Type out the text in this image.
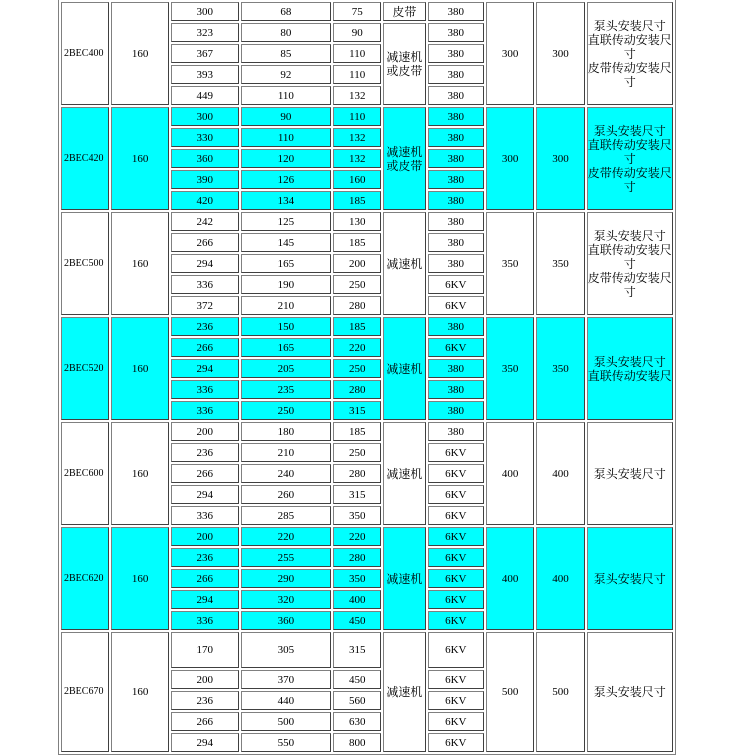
2BEC400	160	300	68	75	皮带	380	300	300	泵头安装尺寸
直联传动安装尺寸
皮带传动安装尺寸

		323	80	90	减速机或皮带	380			
		367	85	110		380			
		393	92	110		380			
		449	110	132		380			
2BEC420	160	300	90	110	减速机或皮带	380	300	300	泵头安装尺寸
直联传动安装尺寸
皮带传动安装尺寸

		330	110	132		380			
		360	120	132		380			
		390	126	160		380			
		420	134	185		380			
2BEC500	160	242	125	130	减速机	380	350	350	泵头安装尺寸
直联传动安装尺寸
皮带传动安装尺寸

		266	145	185		380			
		294	165	200		380			
		336	190	250		6KV			
		372	210	280		6KV			
2BEC520	160	236	150	185	减速机	380	350	350	泵头安装尺寸
直联传动安装尺

		266	165	220		6KV			
		294	205	250		380			
		336	235	280		380			
		336	250	315		380			
2BEC600	160	200	180	185	减速机	380	400	400	泵头安装尺寸

		236	210	250		6KV			
		266	240	280		6KV			
		294	260	315		6KV			
		336	285	350		6KV			
2BEC620	160	200	220	220	减速机	6KV	400	400	泵头安装尺寸

		236	255	280		6KV			
		266	290	350		6KV			
		294	320	400		6KV			
		336	360	450		6KV			
2BEC670	160	170	305	315	减速机	6KV	500	500	泵头安装尺寸

		200	370	450		6KV			
		236	440	560		6KV			
		266	500	630		6KV			
		294	550	800		6KV			
